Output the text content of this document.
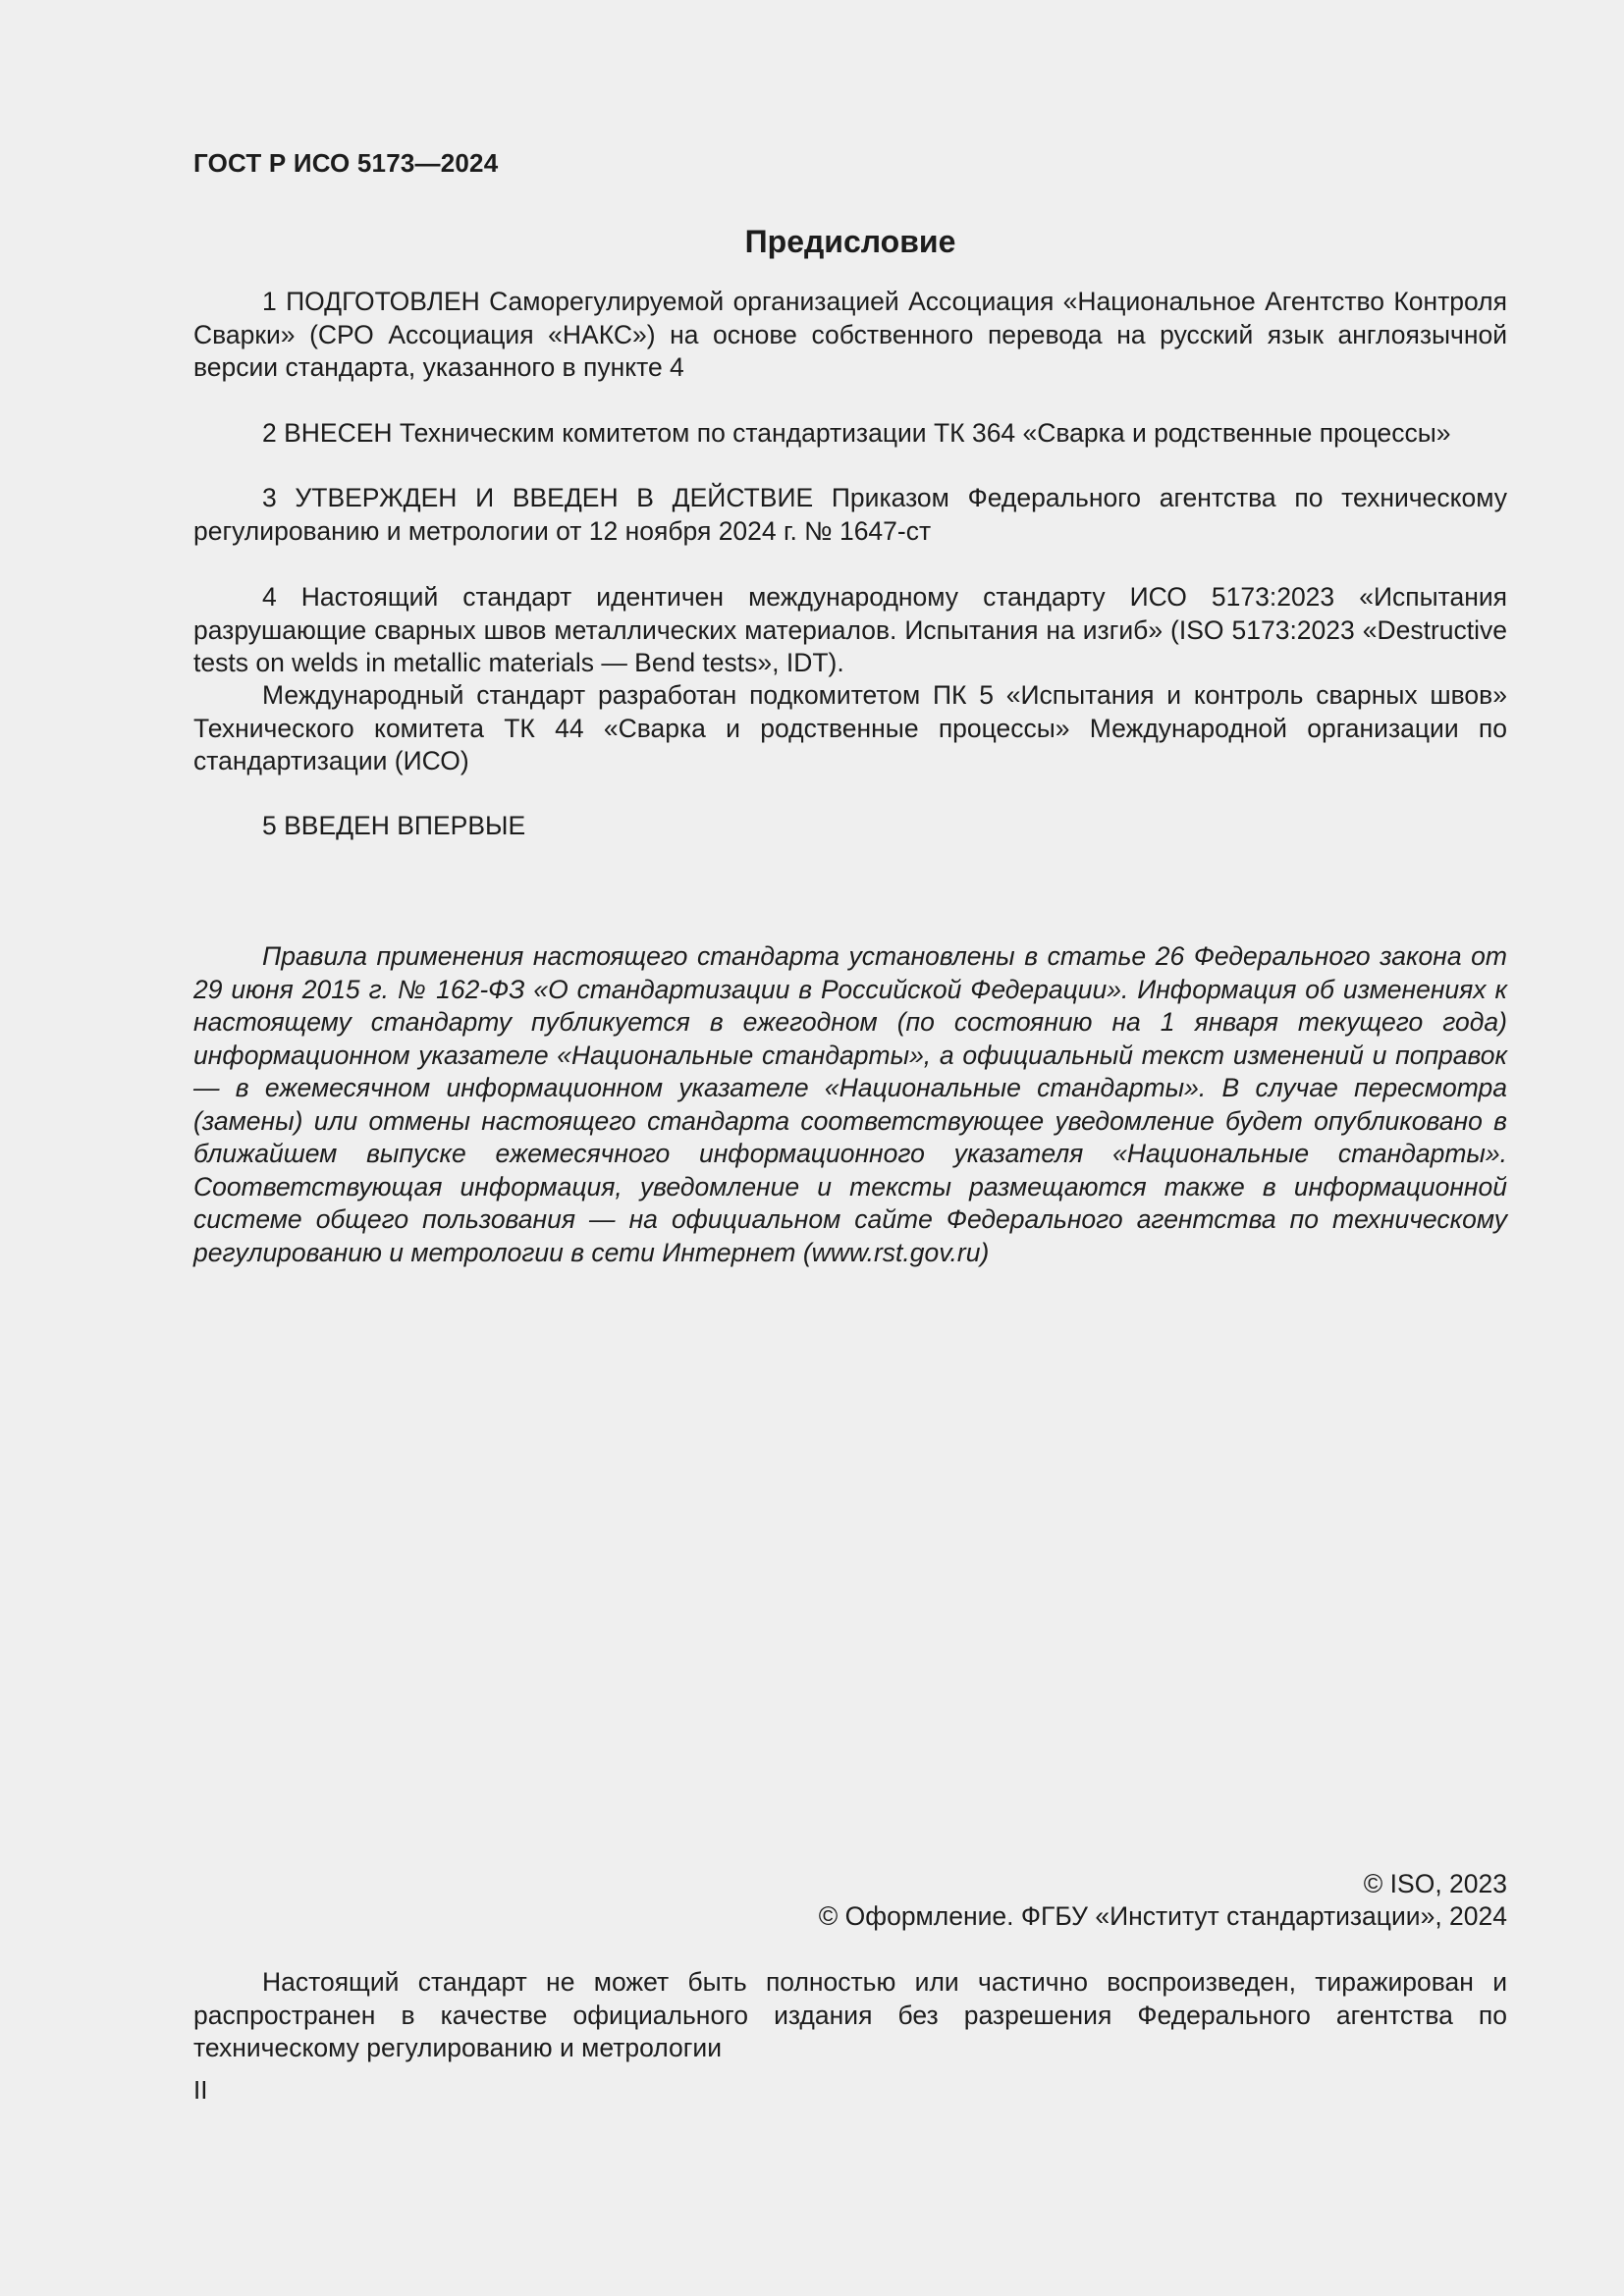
ГОСТ Р ИСО 5173—2024
Предисловие

1 ПОДГОТОВЛЕН Саморегулируемой организацией Ассоциация «Национальное Агентство Контроля Сварки» (СРО Ассоциация «НАКС») на основе собственного перевода на русский язык англоязычной версии стандарта, указанного в пункте 4

2 ВНЕСЕН Техническим комитетом по стандартизации ТК 364 «Сварка и родственные процессы»

3 УТВЕРЖДЕН И ВВЕДЕН В ДЕЙСТВИЕ Приказом Федерального агентства по техническому регулированию и метрологии от 12 ноября 2024 г. № 1647-ст

4 Настоящий стандарт идентичен международному стандарту ИСО 5173:2023 «Испытания разрушающие сварных швов металлических материалов. Испытания на изгиб» (ISO 5173:2023 «Destructive tests on welds in metallic materials — Bend tests», IDT).

Международный стандарт разработан подкомитетом ПК 5 «Испытания и контроль сварных швов» Технического комитета ТК 44 «Сварка и родственные процессы» Международной организации по стандартизации (ИСО)

5 ВВЕДЕН ВПЕРВЫЕ

Правила применения настоящего стандарта установлены в статье 26 Федерального закона от 29 июня 2015 г. № 162-ФЗ «О стандартизации в Российской Федерации». Информация об изменениях к настоящему стандарту публикуется в ежегодном (по состоянию на 1 января текущего года) информационном указателе «Национальные стандарты», а официальный текст изменений и поправок — в ежемесячном информационном указателе «Национальные стандарты». В случае пересмотра (замены) или отмены настоящего стандарта соответствующее уведомление будет опубликовано в ближайшем выпуске ежемесячного информационного указателя «Национальные стандарты». Соответствующая информация, уведомление и тексты размещаются также в информационной системе общего пользования — на официальном сайте Федерального агентства по техническому регулированию и метрологии в сети Интернет (www.rst.gov.ru)

© ISO, 2023
© Оформление. ФГБУ «Институт стандартизации», 2024

Настоящий стандарт не может быть полностью или частично воспроизведен, тиражирован и распространен в качестве официального издания без разрешения Федерального агентства по техническому регулированию и метрологии

II
